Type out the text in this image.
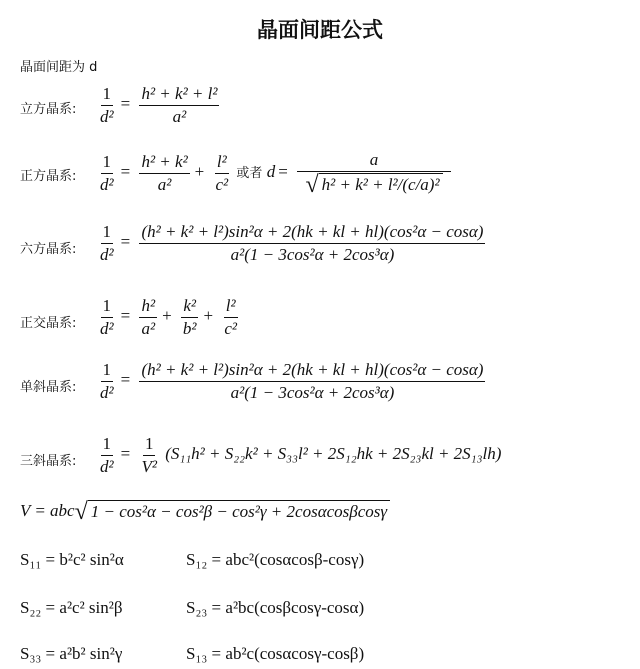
晶面间距公式
晶面间距为 d
立方晶系: $\frac{1}{\text{d²}} = \frac{\text{h² + k² + l²}}{\text{a²}}$
正方晶系: $\frac{1}{\text{d²}} = \frac{\text{h² + k²}}{\text{a²}} + \frac{\text{l²}}{\text{c²}}$ 或者 $d = \frac{a}{\text{√ h² + k² + l²/(c/a)²}}$
六方晶系: $\frac{1}{\text{d²}} = \frac{\text{(h² + k² + l²)sin²α + 2(hk + kl + hl)(cos²α − cosα)}}{\text{a²(1 − 3cos²α + 2cos³α)}}$
正交晶系: $\frac{1}{\text{d²}} = \frac{\text{h²}}{\text{a²}} + \frac{\text{k²}}{\text{b²}} + \frac{\text{l²}}{\text{c²}}$
单斜晶系: $\frac{1}{\text{d²}} = \frac{\text{(h² + k² + l²)sin²α + 2(hk + kl + hl)(cos²α − cosα)}}{\text{a²(1 − 3cos²α + 2cos³α)}}$
三斜晶系: $\frac{1}{\text{d²}} = \frac{1}{\text{V²}} (S_{11}h^2 + S_{22}k^2 + S_{33}l^2 + 2S_{12}hk + 2S_{23}kl + 2S_{13}lh)$
V = abc √ 1 − cos²α − cos²β − cos²γ + 2cosαcosβcosγ
S₁₁ = b²c² sin²α	S₁₂ = abc²(cosαcosβ-cosγ)
S₂₂ = a²c² sin²β	S₂₃ = a²bc(cosβcosγ-cosα)
S₃₃ = a²b² sin²γ	S₁₃ = ab²c(cosαcosγ-cosβ)
